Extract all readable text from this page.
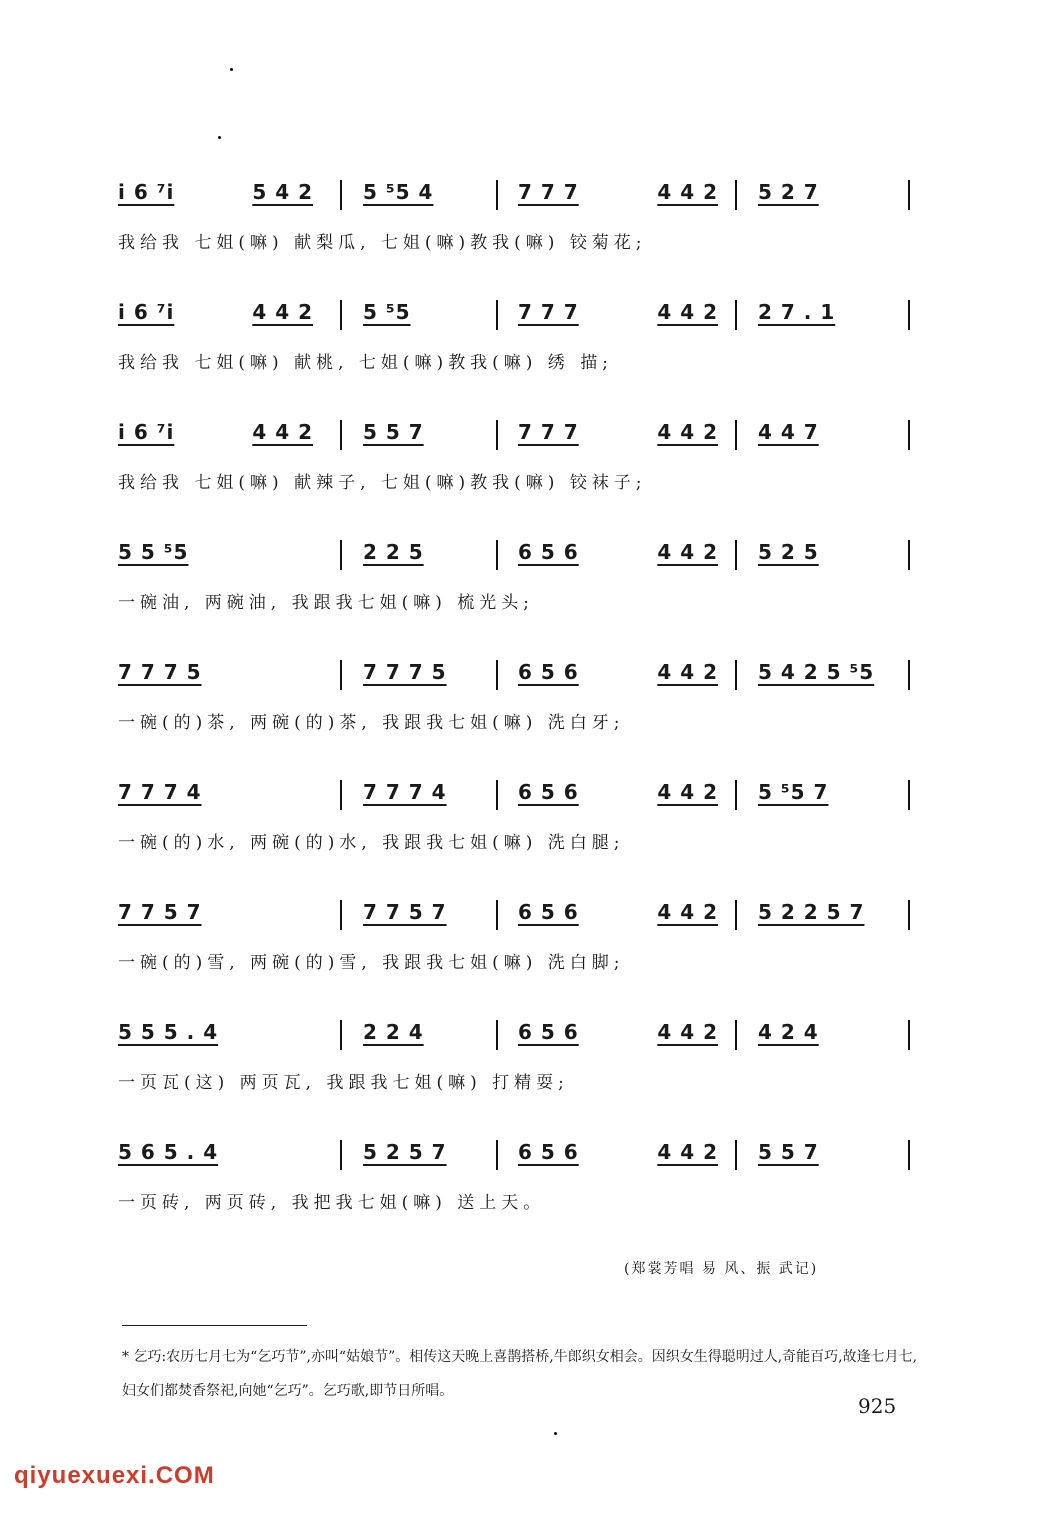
i 6 ⁷i	5 4 2	5 ⁵5 4	7 7 7	4 4 2 5 2 7
我给我 七姐(嘛) 献梨瓜, 七姐(嘛)教我(嘛) 铰菊花;
i 6 ⁷i	4 4 2	5 ⁵5	7 7 7	4 4 2 2 7 . 1
我给我 七姐(嘛) 献桃, 七姐(嘛)教我(嘛) 绣 描;
i 6 ⁷i	4 4 2	5 5 7	7 7 7	4 4 2 4 4 7
我给我 七姐(嘛) 献辣子, 七姐(嘛)教我(嘛) 铰袜子;
5 5 ⁵5	2 2 5	6 5 6	4 4 2 5 2 5
一碗油, 两碗油, 我跟我七姐(嘛) 梳光头;
7 7 7 5	7 7 7 5	6 5 6	4 4 2 5 4 2 5 ⁵5
一碗(的)茶, 两碗(的)茶, 我跟我七姐(嘛) 洗白牙;
7 7 7 4	7 7 7 4	6 5 6	4 4 2 5 ⁵5 7
一碗(的)水, 两碗(的)水, 我跟我七姐(嘛) 洗白腿;
7 7 5 7	7 7 5 7	6 5 6	4 4 2 5 2 2 5 7
一碗(的)雪, 两碗(的)雪, 我跟我七姐(嘛) 洗白脚;
5 5 5 . 4	2 2 4	6 5 6	4 4 2 4 2 4
一页瓦(这) 两页瓦, 我跟我七姐(嘛) 打精耍;
5 6 5 . 4	5 2 5 7	6 5 6	4 4 2 5 5 7
一页砖, 两页砖, 我把我七姐(嘛) 送上天。
(郑裳芳唱 易 风、振 武记)
* 乞巧:农历七月七为“乞巧节”,亦叫“姑娘节”。相传这天晚上喜鹊搭桥,牛郎织女相会。因织女生得聪明过人,奇能百巧,故逢七月七,妇女们都焚香祭祀,向她“乞巧”。乞巧歌,即节日所唱。
925
qiyuexuexi.COM
